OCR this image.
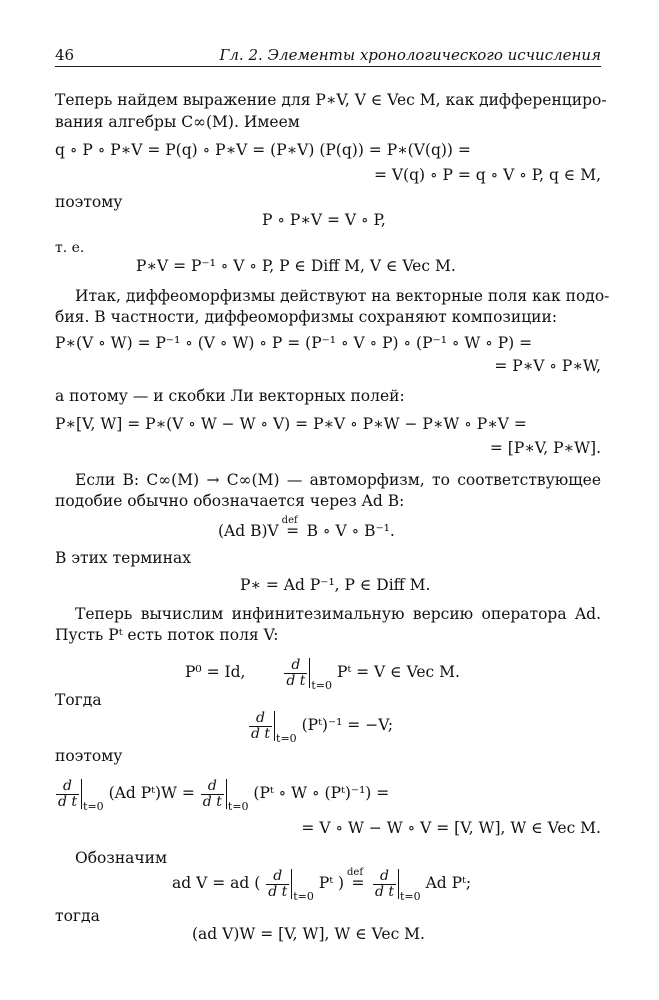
46	Гл. 2. Элементы хронологического исчисления
Теперь найдем выражение для P∗V, V ∈ Vec M, как дифференциро-
вания алгебры C∞(M). Имеем
q ∘ P ∘ P∗V = P(q) ∘ P∗V = (P∗V) (P(q)) = P∗(V(q)) =
= V(q) ∘ P = q ∘ V ∘ P, q ∈ M,
поэтому
P ∘ P∗V = V ∘ P,
т. е.
P∗V = P⁻¹ ∘ V ∘ P, P ∈ Diff M, V ∈ Vec M.
Итак, диффеоморфизмы действуют на векторные поля как подо-
бия. В частности, диффеоморфизмы сохраняют композиции:
P∗(V ∘ W) = P⁻¹ ∘ (V ∘ W) ∘ P = (P⁻¹ ∘ V ∘ P) ∘ (P⁻¹ ∘ W ∘ P) =
= P∗V ∘ P∗W,
а потому — и скобки Ли векторных полей:
P∗[V, W] = P∗(V ∘ W − W ∘ V) = P∗V ∘ P∗W − P∗W ∘ P∗V =
= [P∗V, P∗W].
Если B: C∞(M) → C∞(M) — автоморфизм, то соответствующее
подобие обычно обозначается через Ad B:
(Ad B)V
def
= B ∘ V ∘ B⁻¹.
В этих терминах
P∗ = Ad P⁻¹, P ∈ Diff M.
Теперь вычислим инфинитезимальную версию оператора Ad.
Пусть Pᵗ есть поток поля V:
P⁰ = Id,	$\frac{d}{\text{d t}} _{t=0}$ Pᵗ = V ∈ Vec M.
Тогда
$\frac{d}{\text{d t}} _{t=0}$ (Pᵗ)⁻¹ = −V;
поэтому
$\frac{d}{\text{d t}} _{t=0}$ (Ad Pᵗ)W = $\frac{d}{\text{d t}} _{t=0}$ (Pᵗ ∘ W ∘ (Pᵗ)⁻¹) =
= V ∘ W − W ∘ V = [V, W], W ∈ Vec M.
Обозначим
ad V = ad ( $\frac{d}{\text{d t}} _{t=0}$ Pᵗ )
def
= $\frac{d}{\text{d t}} _{t=0}$ Ad Pᵗ;
тогда
(ad V)W = [V, W], W ∈ Vec M.
